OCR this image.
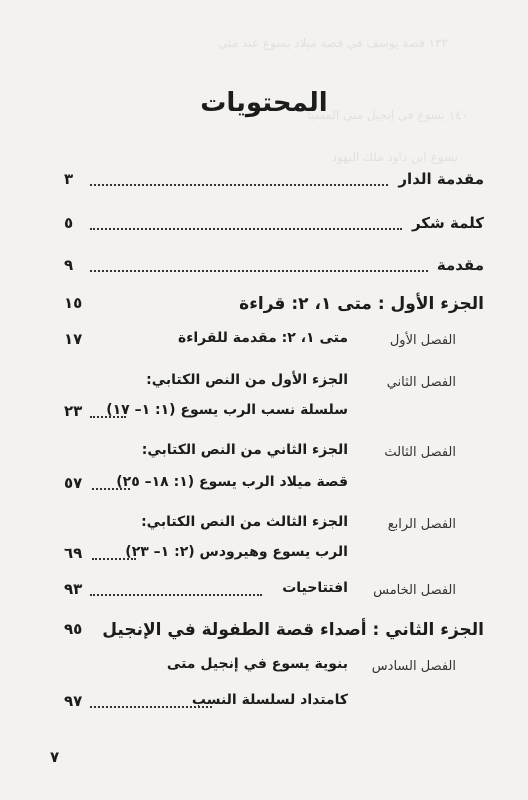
١٣٢ قصة يوسف في قصة ميلاد يسوع عند متى
١٤٠ يسوع في إنجيل متى المسيا
يسوع ابن داود ملك اليهود
المحتويات
مقدمة الدار
٣
كلمة شكر
٥
مقدمة
٩
الجزء الأول : متى ١، ٢: قراءة
١٥
الفصل الأول
متى ١، ٢: مقدمة للقراءة
١٧
الفصل الثاني
الجزء الأول من النص الكتابي:
سلسلة نسب الرب يسوع (١: ١– ١٧)
٢٣
الفصل الثالث
الجزء الثاني من النص الكتابي:
قصة ميلاد الرب يسوع (١: ١٨– ٢٥)
٥٧
الفصل الرابع
الجزء الثالث من النص الكتابي:
الرب يسوع وهيرودس (٢: ١– ٢٣)
٦٩
الفصل الخامس
افتتاحيات
٩٣
الجزء الثاني : أصداء قصة الطفولة في الإنجيل
٩٥
الفصل السادس
بنوية يسوع في إنجيل متى
كامتداد لسلسلة النسب
٩٧
٧
